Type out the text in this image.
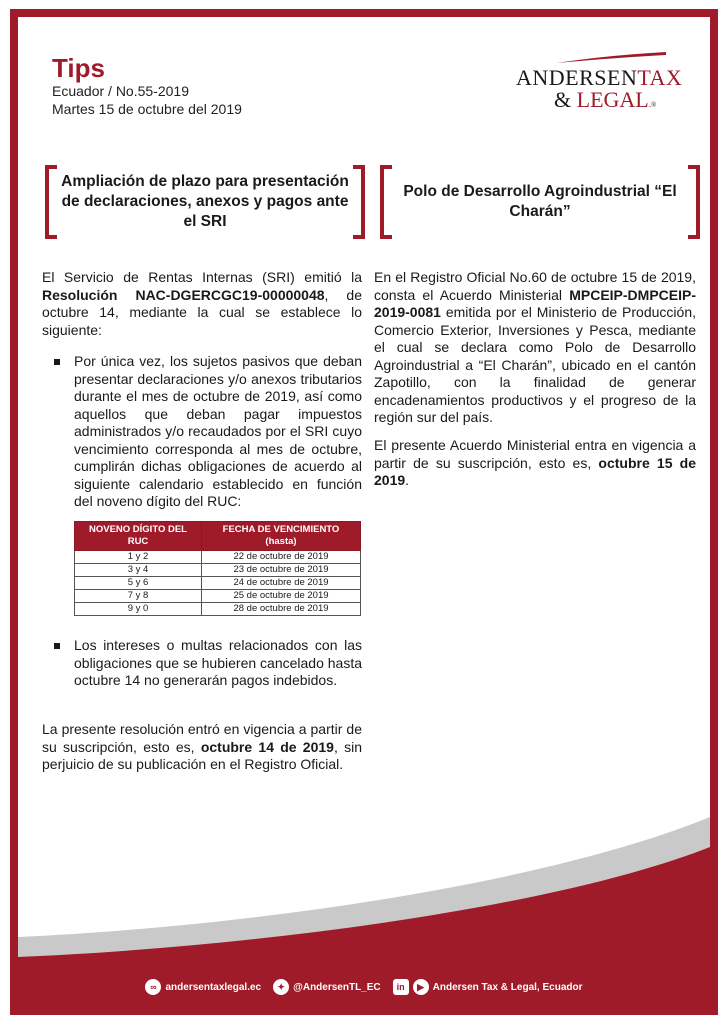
Tips
Ecuador / No.55-2019
Martes 15 de octubre del 2019
ANDERSENTAX
& LEGAL.®
Ampliación de plazo para presentación de declaraciones, anexos y pagos ante el SRI

El Servicio de Rentas Internas (SRI) emitió la Resolución NAC-DGERCGC19-00000048, de octubre 14, mediante la cual se establece lo siguiente:

Por única vez, los sujetos pasivos que deban presentar declaraciones y/o anexos tributarios durante el mes de octubre de 2019, así como aquellos que deban pagar impuestos administrados y/o recaudados por el SRI cuyo vencimiento corresponda al mes de octubre, cumplirán dichas obligaciones de acuerdo al siguiente calendario establecido en función del noveno dígito del RUC:

NOVENO DÍGITO DEL RUC	FECHA DE VENCIMIENTO (hasta)
1 y 2	22 de octubre de 2019
3 y 4	23 de octubre de 2019
5 y 6	24 de octubre de 2019
7 y 8	25 de octubre de 2019
9 y 0	28 de octubre de 2019

Los intereses o multas relacionados con las obligaciones que se hubieren cancelado hasta octubre 14 no generarán pagos indebidos.

La presente resolución entró en vigencia a partir de su suscripción, esto es, octubre 14 de 2019, sin perjuicio de su publicación en el Registro Oficial.

Polo de Desarrollo Agroindustrial “El Charán”

En el Registro Oficial No.60 de octubre 15 de 2019, consta el Acuerdo Ministerial MPCEIP-DMPCEIP-2019-0081 emitida por el Ministerio de Producción, Comercio Exterior, Inversiones y Pesca, mediante el cual se declara como Polo de Desarrollo Agroindustrial a “El Charán”, ubicado en el cantón Zapotillo, con la finalidad de generar encadenamientos productivos y el progreso de la región sur del país.

El presente Acuerdo Ministerial entra en vigencia a partir de su suscripción, esto es, octubre 15 de 2019.

∞ andersentaxlegal.ec	✦ @AndersenTL_EC	in	▶ Andersen Tax & Legal, Ecuador
